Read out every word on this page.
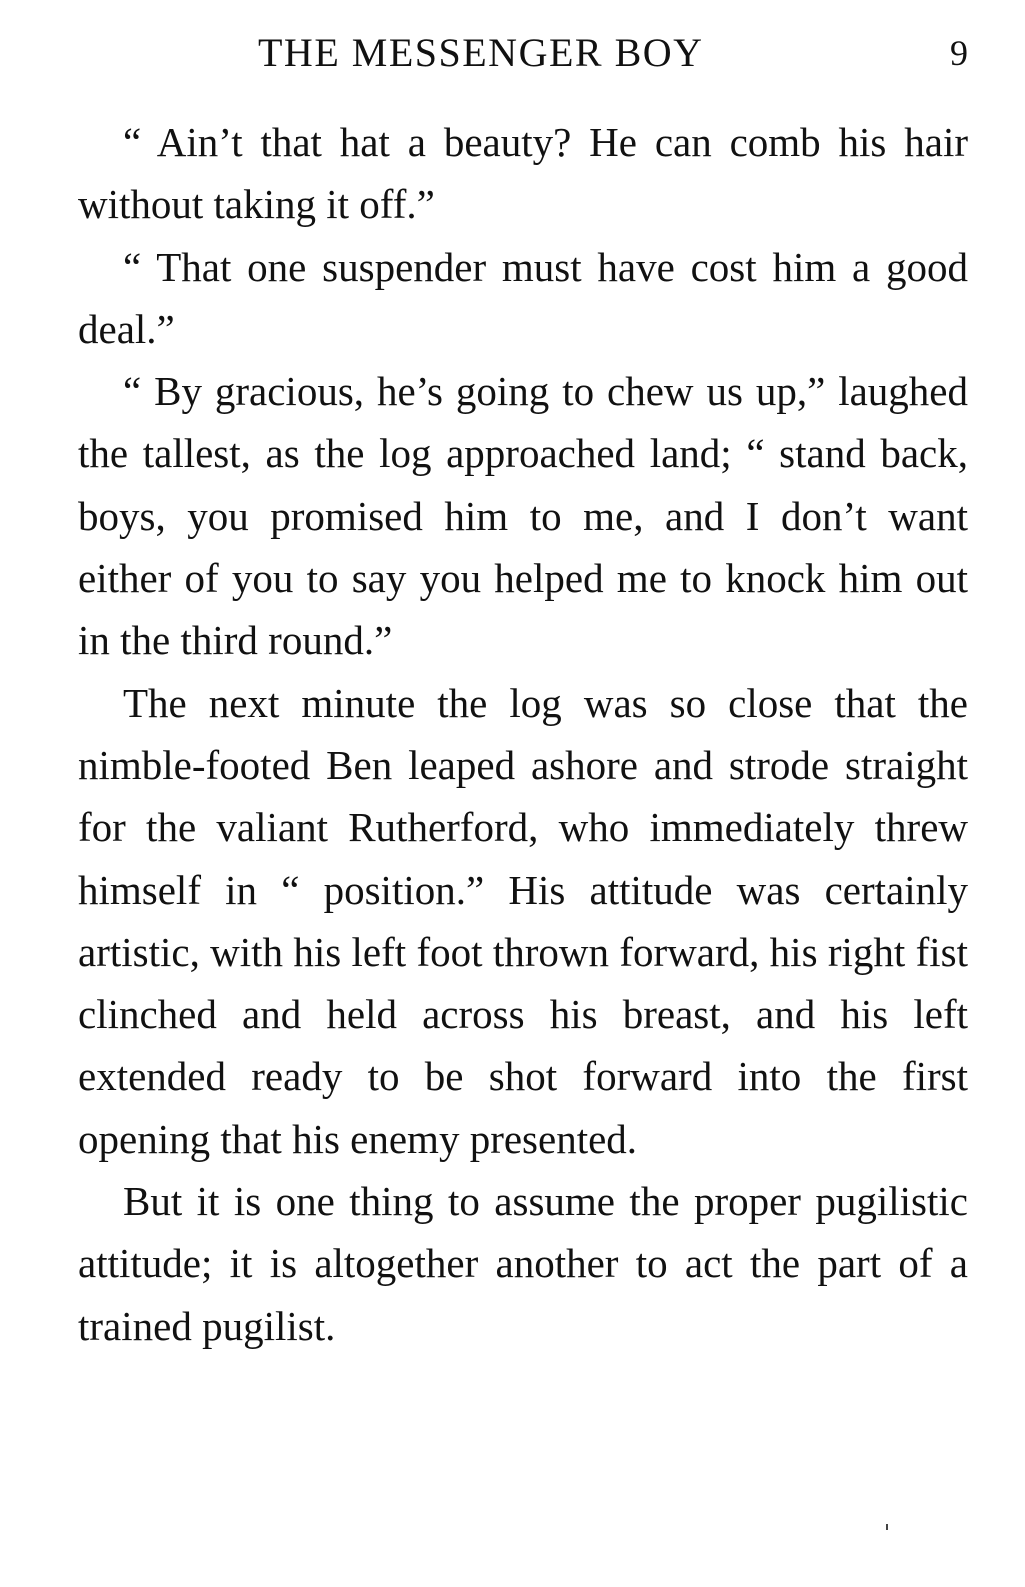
THE MESSENGER BOY	9

“ Ain’t that hat a beauty? He can comb his hair without taking it off.”

“ That one suspender must have cost him a good deal.”

“ By gracious, he’s going to chew us up,” laughed the tallest, as the log approached land; “ stand back, boys, you promised him to me, and I don’t want either of you to say you helped me to knock him out in the third round.”

The next minute the log was so close that the nimble-footed Ben leaped ashore and strode straight for the valiant Rutherford, who immediately threw himself in “ position.” His attitude was certainly artistic, with his left foot thrown forward, his right fist clinched and held across his breast, and his left extended ready to be shot forward into the first opening that his enemy presented.

But it is one thing to assume the proper pugilistic attitude; it is altogether another to act the part of a trained pugilist.
